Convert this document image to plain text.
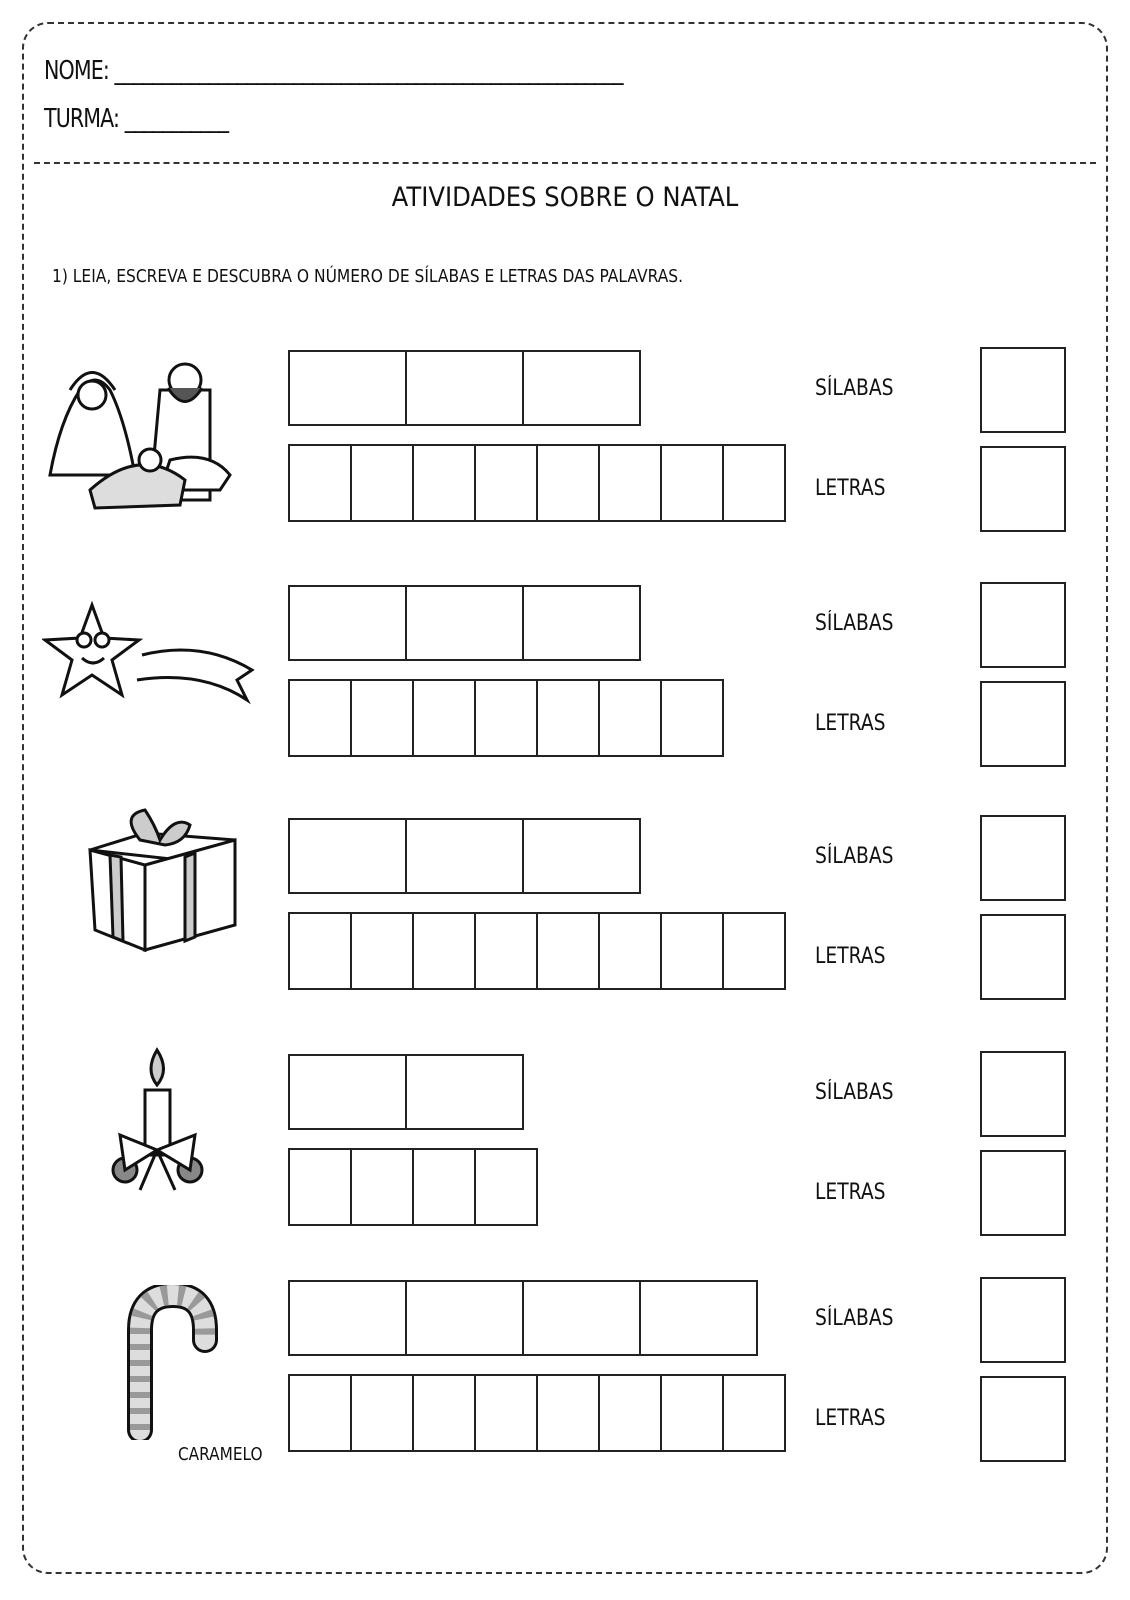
NOME: ______________________________________________________
TURMA: ___________
ATIVIDADES SOBRE O NATAL
1) LEIA, ESCREVA E DESCUBRA O NÚMERO DE SÍLABAS E LETRAS DAS PALAVRAS.
CARAMELO
SÍLABAS
LETRAS
SÍLABAS
LETRAS
SÍLABAS
LETRAS
SÍLABAS
LETRAS
SÍLABAS
LETRAS
